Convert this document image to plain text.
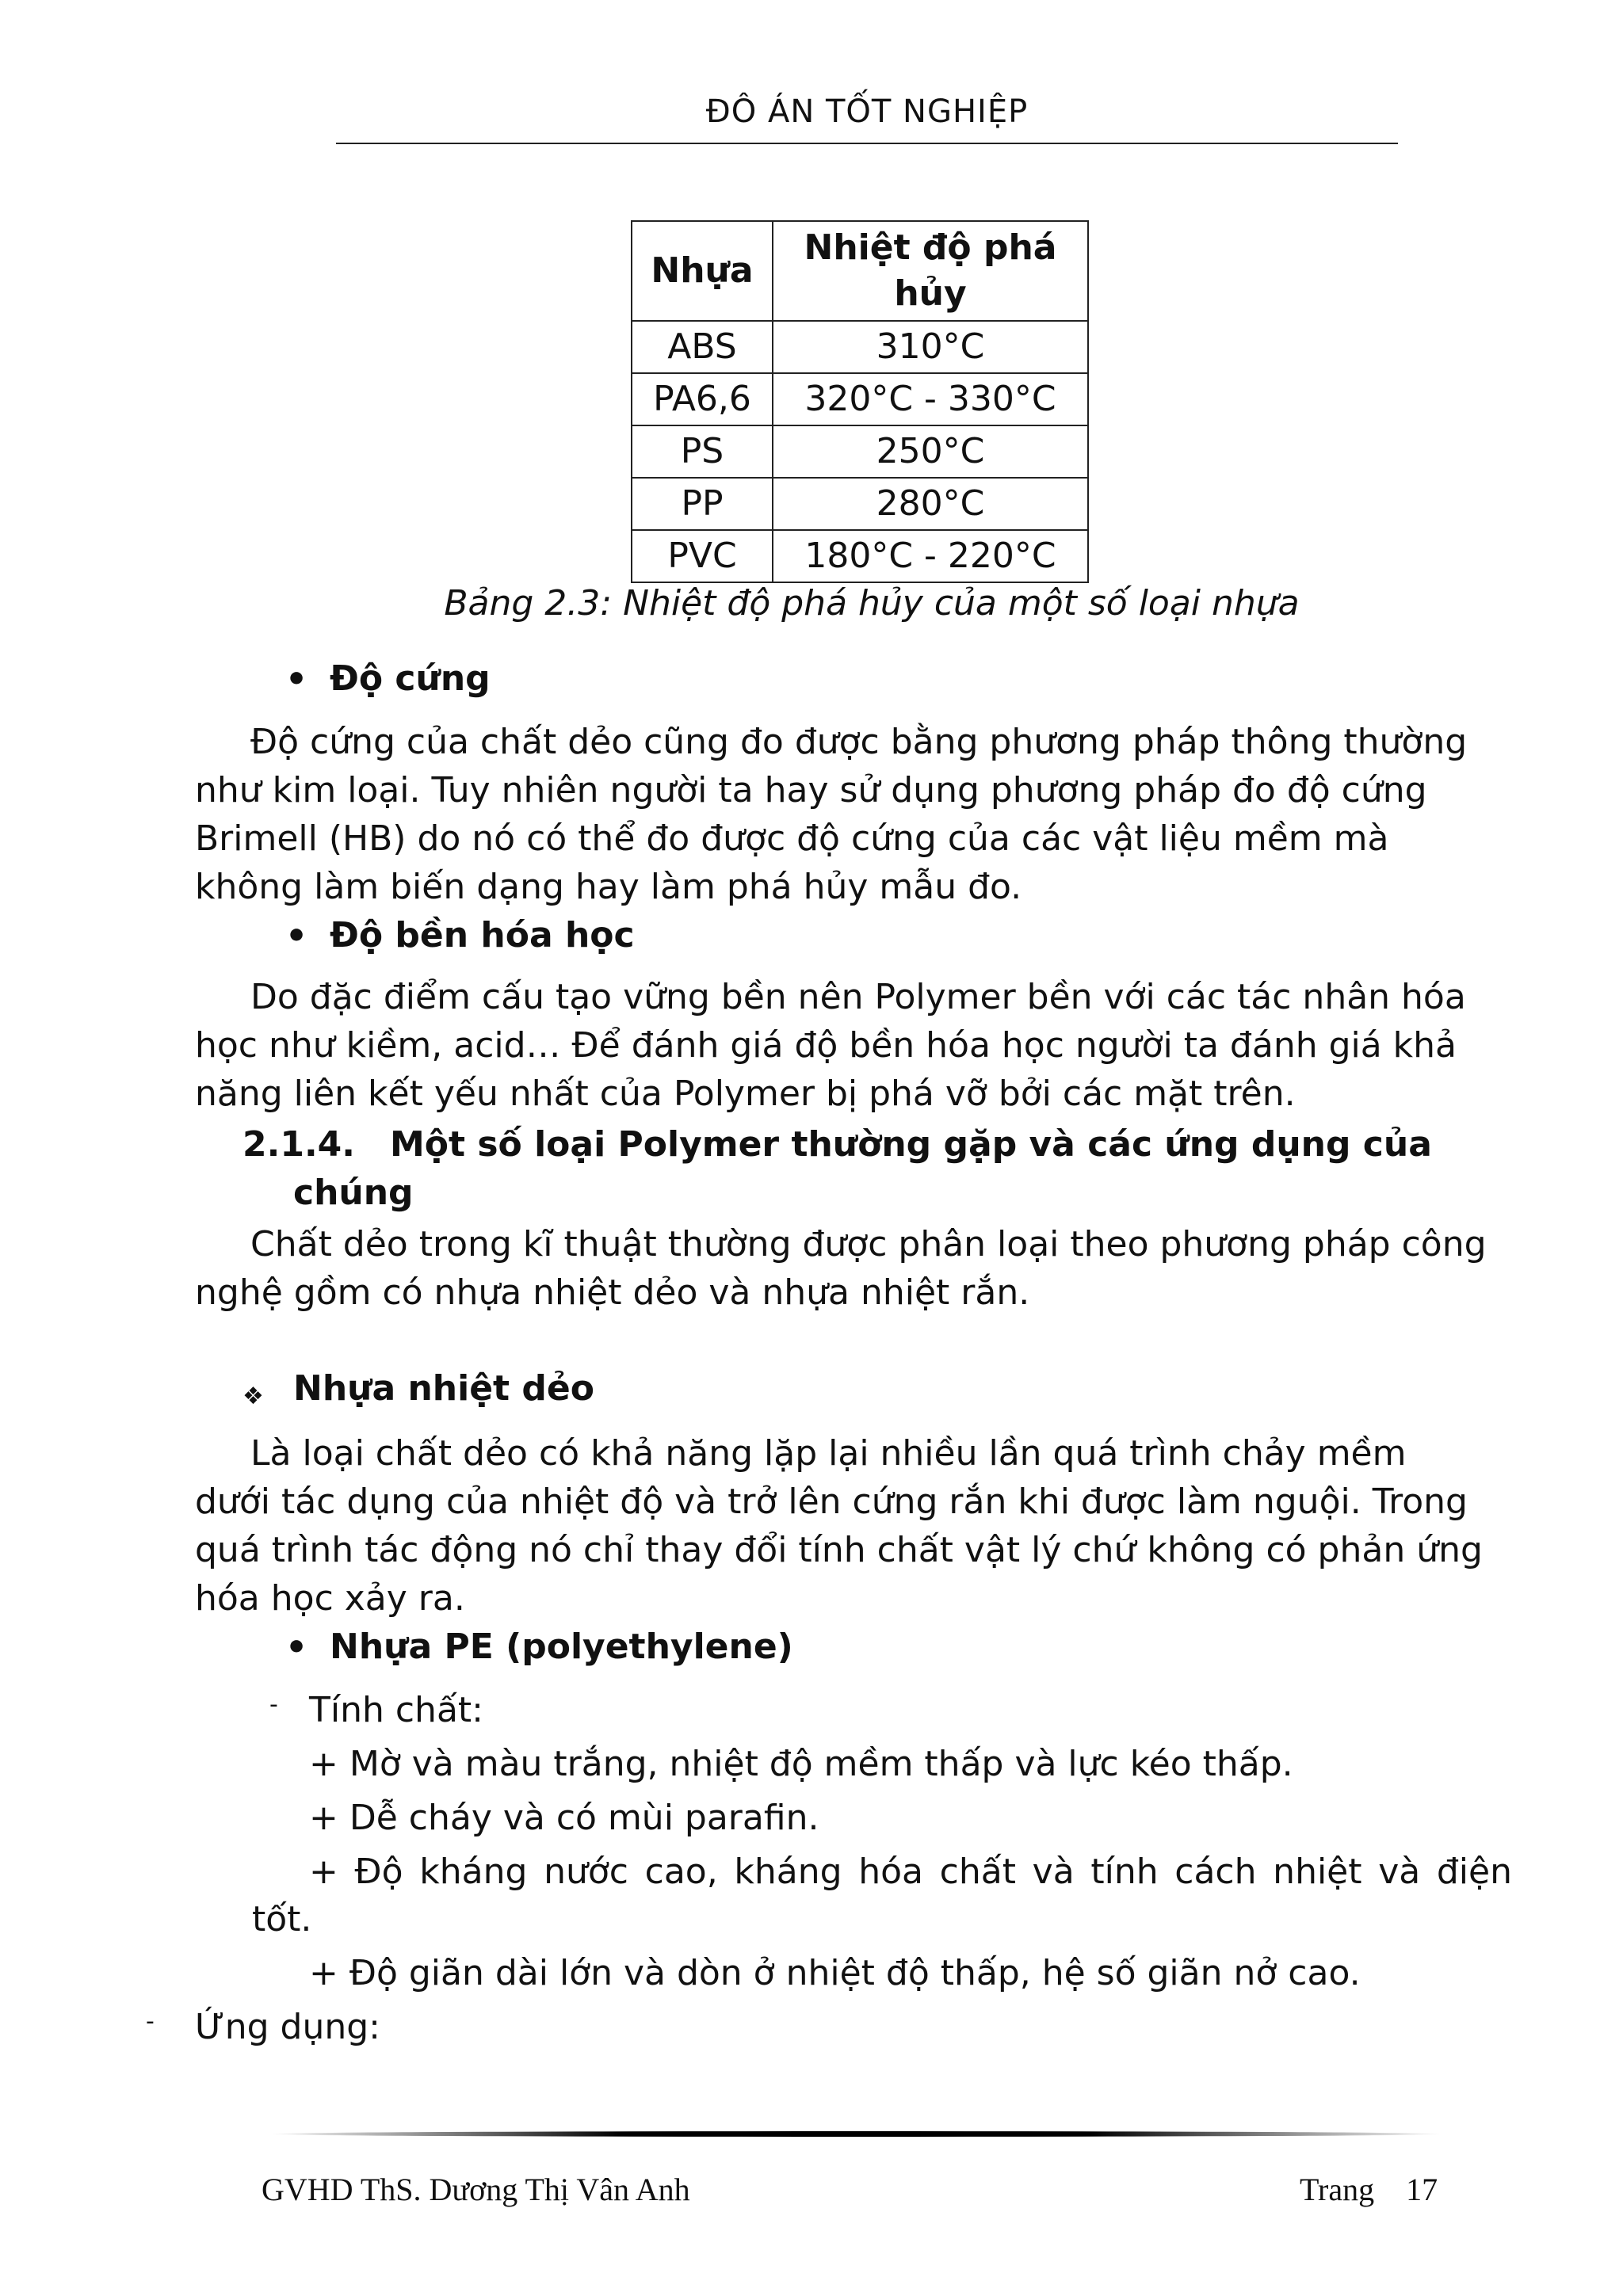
ĐÔ ÁN TỐT NGHIỆP
Nhựa	Nhiệt độ phá hủy
ABS	310°C
PA6,6	320°C - 330°C
PS	250°C
PP	280°C
PVC	180°C - 220°C
Bảng 2.3: Nhiệt độ phá hủy của một số loại nhựa
• Độ cứng
Độ cứng của chất dẻo cũng đo được bằng phương pháp thông thường
như kim loại. Tuy nhiên người ta hay sử dụng phương pháp đo độ cứng
Brimell (HB) do nó có thể đo được độ cứng của các vật liệu mềm mà
không làm biến dạng hay làm phá hủy mẫu đo.
• Độ bền hóa học
Do đặc điểm cấu tạo vững bền nên Polymer bền với các tác nhân hóa
học như kiềm, acid… Để đánh giá độ bền hóa học người ta đánh giá khả
năng liên kết yếu nhất của Polymer bị phá vỡ bởi các mặt trên.
2.1.4. Một số loại Polymer thường gặp và các ứng dụng của
chúng
Chất dẻo trong kĩ thuật thường được phân loại theo phương pháp công
nghệ gồm có nhựa nhiệt dẻo và nhựa nhiệt rắn.
❖ Nhựa nhiệt dẻo
Là loại chất dẻo có khả năng lặp lại nhiều lần quá trình chảy mềm
dưới tác dụng của nhiệt độ và trở lên cứng rắn khi được làm nguội. Trong
quá trình tác động nó chỉ thay đổi tính chất vật lý chứ không có phản ứng
hóa học xảy ra.
• Nhựa PE (polyethylene)
- Tính chất:
+ Mờ và màu trắng, nhiệt độ mềm thấp và lực kéo thấp.
+ Dễ cháy và có mùi parafin.
+ Độ kháng nước cao, kháng hóa chất và tính cách nhiệt và điện
tốt.
+ Độ giãn dài lớn và dòn ở nhiệt độ thấp, hệ số giãn nở cao.
- Ứng dụng:
GVHD ThS. Dương Thị Vân Anh	Trang 17
